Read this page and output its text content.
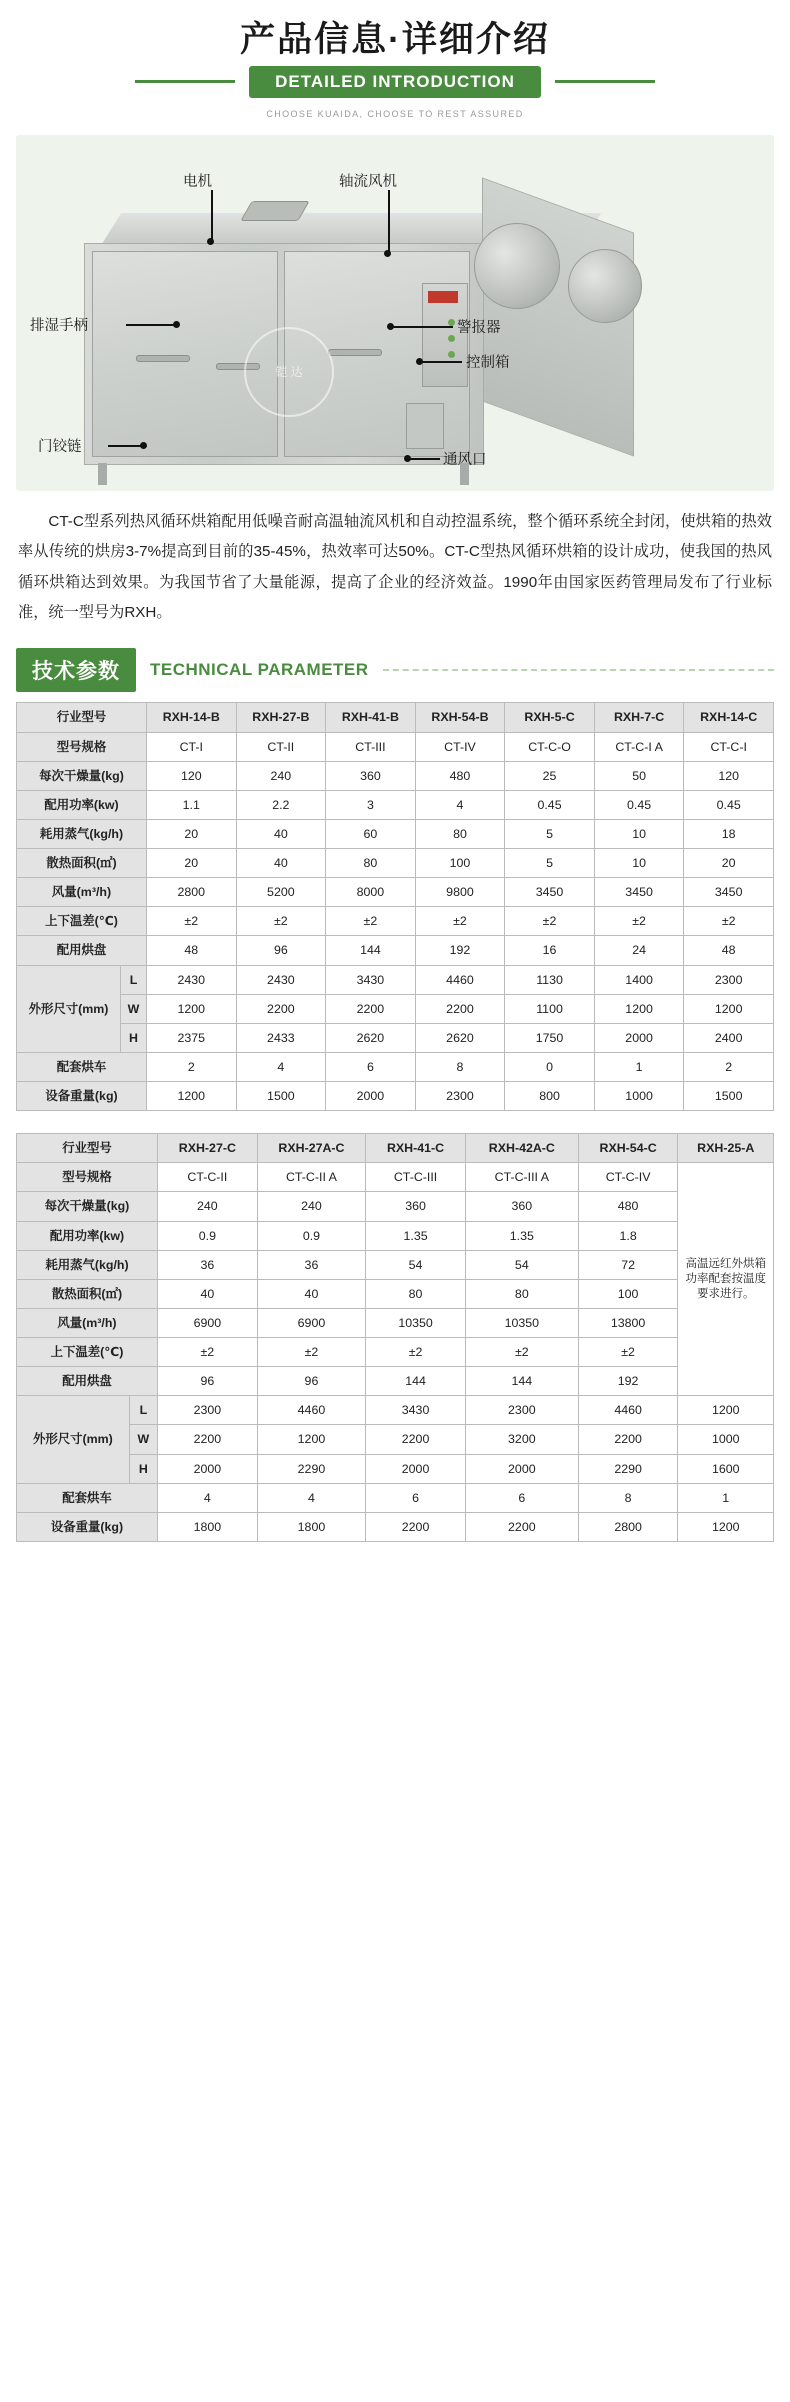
产品信息·详细介绍
DETAILED INTRODUCTION
CHOOSE KUAIDA, CHOOSE TO REST ASSURED
铠 达
电机	轴流风机
警报器
控制箱
通风口
排湿手柄
门铰链

CT-C型系列热风循环烘箱配用低噪音耐高温轴流风机和自动控温系统，整个循环系统全封闭，使烘箱的热效率从传统的烘房3-7%提高到目前的35-45%，热效率可达50%。CT-C型热风循环烘箱的设计成功，使我国的热风循环烘箱达到效果。为我国节省了大量能源，提高了企业的经济效益。1990年由国家医药管理局发布了行业标准，统一型号为RXH。

技术参数	TECHNICAL PARAMETER
行业型号		RXH-14-B	RXH-27-B	RXH-41-B	RXH-54-B	RXH-5-C	RXH-7-C	RXH-14-C
型号规格		CT-I	CT-II	CT-III	CT-IV	CT-C-O	CT-C-I A	CT-C-I
每次干燥量(kg)		120	240	360	480	25	50	120
配用功率(kw)		1.1	2.2	3	4	0.45	0.45	0.45
耗用蒸气(kg/h)		20	40	60	80	5	10	18
散热面积(㎡)		20	40	80	100	5	10	20
风量(m³/h)		2800	5200	8000	9800	3450	3450	3450
上下温差(℃)		±2	±2	±2	±2	±2	±2	±2
配用烘盘		48	96	144	192	16	24	48
外形尺寸(mm)	L	2430	2430	3430	4460	1130	1400	2300
	W	1200	2200	2200	2200	1100	1200	1200
	H	2375	2433	2620	2620	1750	2000	2400
配套烘车		2	4	6	8	0	1	2
设备重量(kg)		1200	1500	2000	2300	800	1000	1500
行业型号		RXH-27-C	RXH-27A-C	RXH-41-C	RXH-42A-C	RXH-54-C	RXH-25-A
型号规格		CT-C-II	CT-C-II A	CT-C-III	CT-C-III A	CT-C-IV	高温远红外烘箱功率配套按温度要求进行。
每次干燥量(kg)		240	240	360	360	480	
配用功率(kw)		0.9	0.9	1.35	1.35	1.8	
耗用蒸气(kg/h)		36	36	54	54	72	
散热面积(㎡)		40	40	80	80	100	
风量(m³/h)		6900	6900	10350	10350	13800	
上下温差(℃)		±2	±2	±2	±2	±2	
配用烘盘		96	96	144	144	192	
外形尺寸(mm)	L	2300	4460	3430	2300	4460	1200
	W	2200	1200	2200	3200	2200	1000
	H	2000	2290	2000	2000	2290	1600
配套烘车		4	4	6	6	8	1
设备重量(kg)		1800	1800	2200	2200	2800	1200
